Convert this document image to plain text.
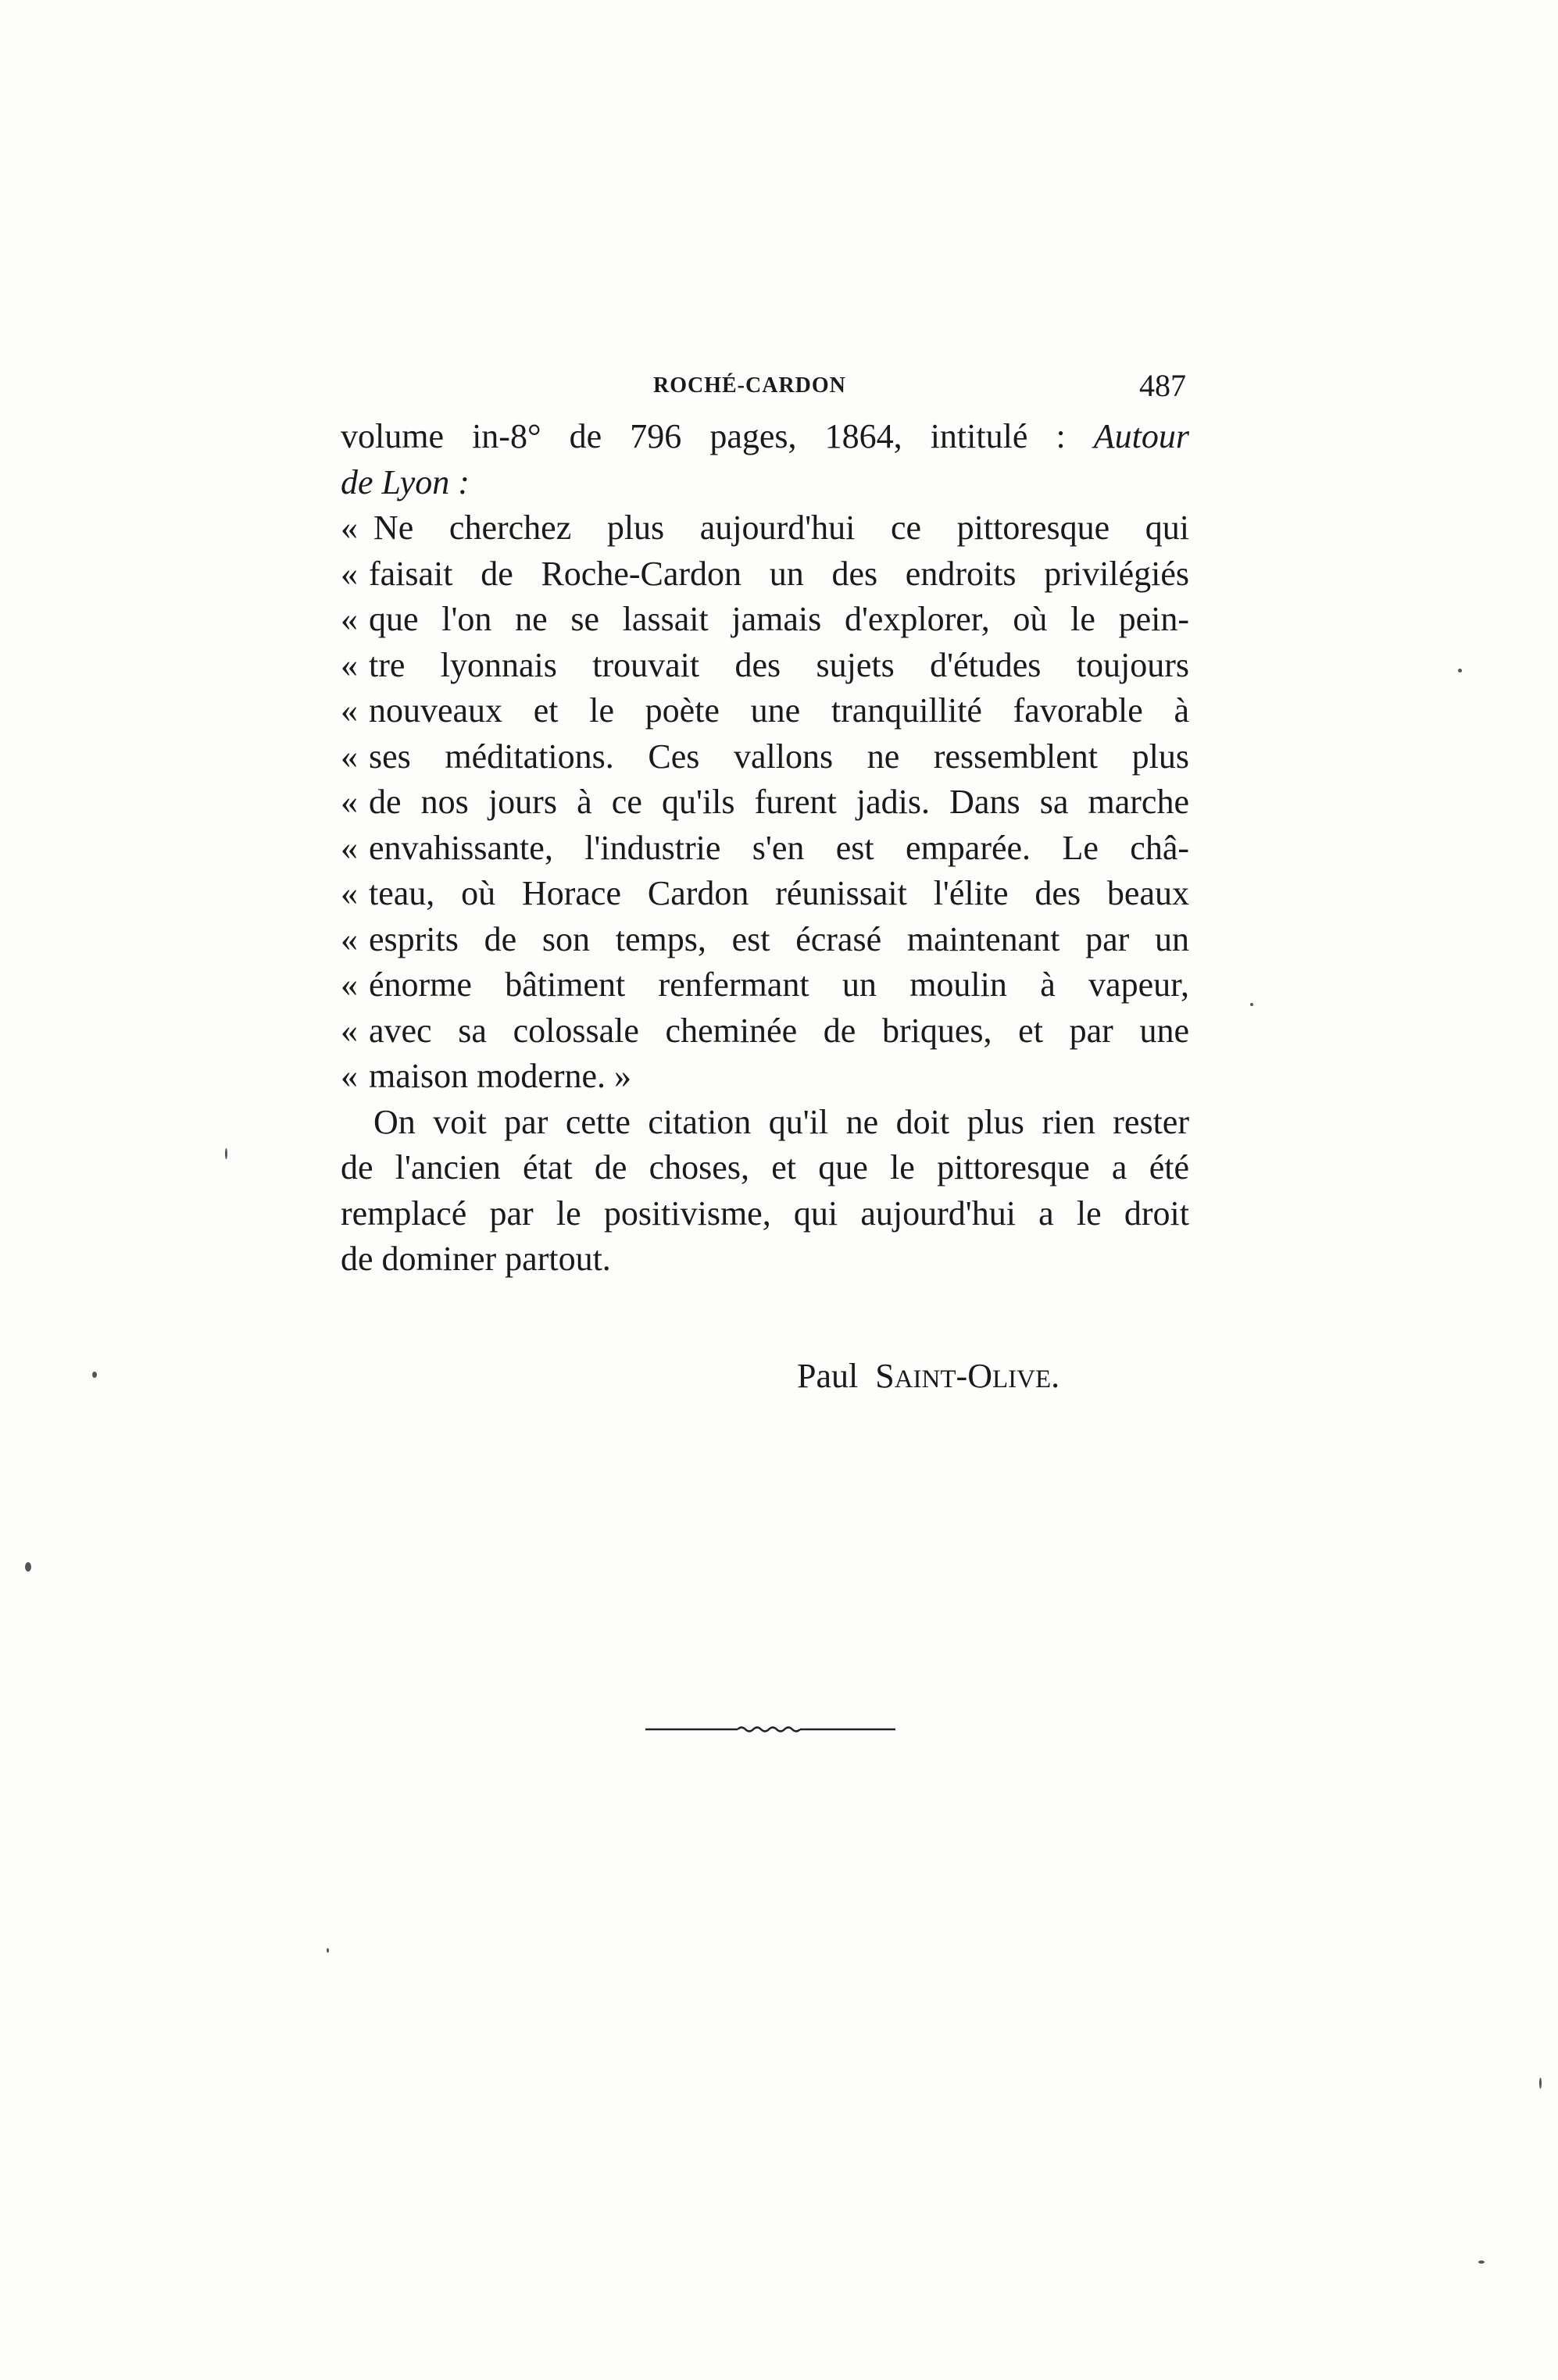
ROCHÉ-CARDON	487
volume in-8° de 796 pages, 1864, intitulé : Autour
de Lyon :
« Ne cherchez plus aujourd'hui ce pittoresque qui
« faisait de Roche-Cardon un des endroits privilégiés
« que l'on ne se lassait jamais d'explorer, où le pein-
« tre lyonnais trouvait des sujets d'études toujours
« nouveaux et le poète une tranquillité favorable à
« ses méditations. Ces vallons ne ressemblent plus
« de nos jours à ce qu'ils furent jadis. Dans sa marche
« envahissante, l'industrie s'en est emparée. Le châ-
« teau, où Horace Cardon réunissait l'élite des beaux
« esprits de son temps, est écrasé maintenant par un
« énorme bâtiment renfermant un moulin à vapeur,
« avec sa colossale cheminée de briques, et par une
« maison moderne. »
On voit par cette citation qu'il ne doit plus rien rester
de l'ancien état de choses, et que le pittoresque a été
remplacé par le positivisme, qui aujourd'hui a le droit
de dominer partout.
Paul SAINT-OLIVE.
